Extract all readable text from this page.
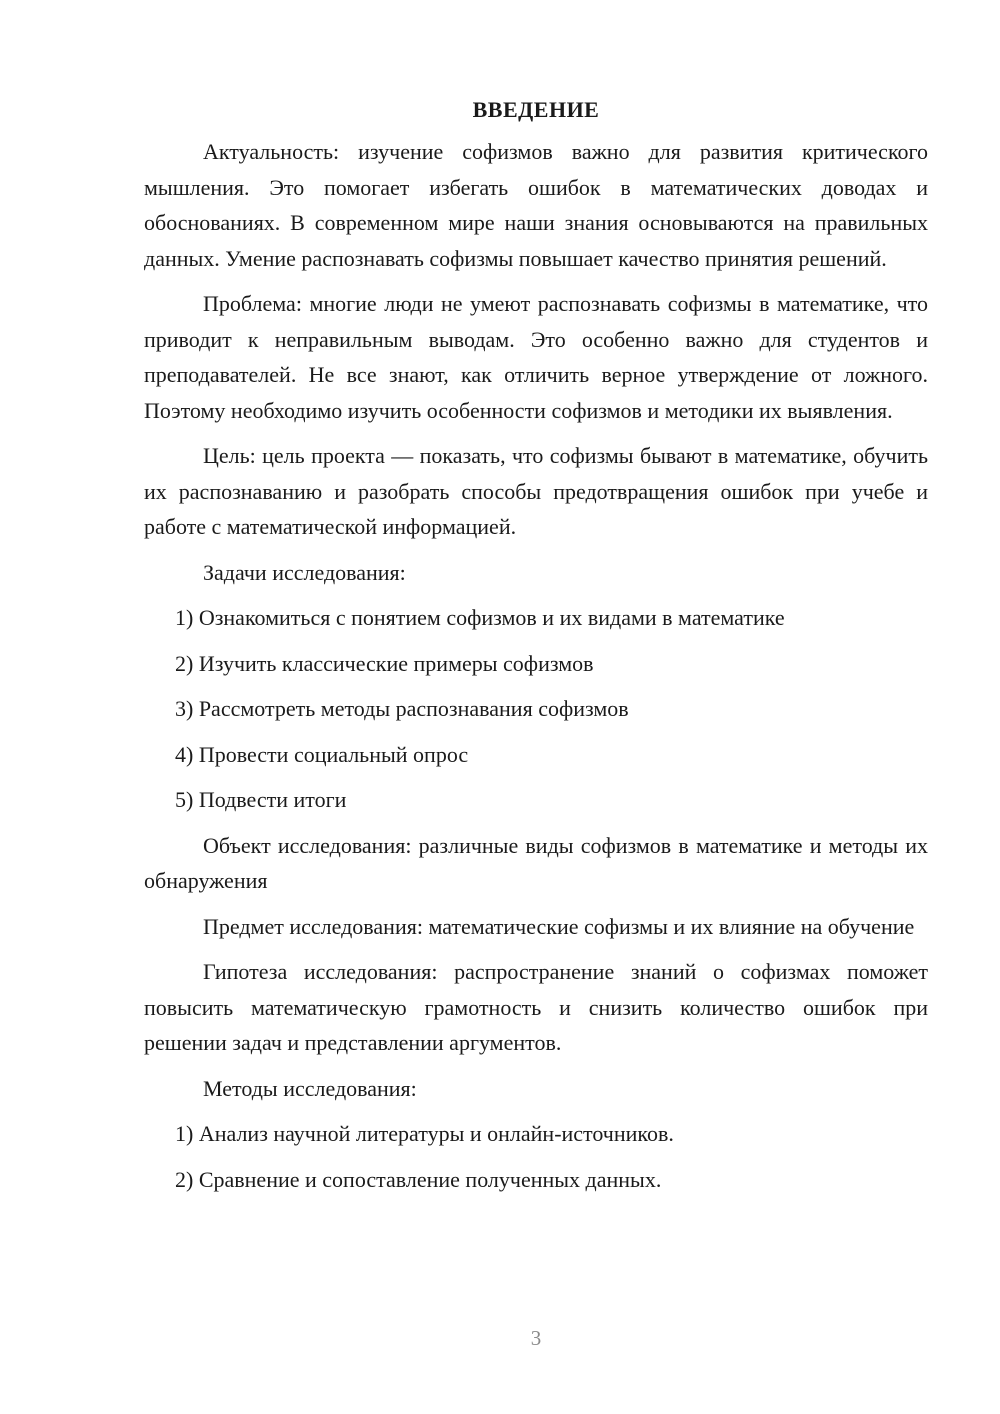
ВВЕДЕНИЕ

Актуальность: изучение софизмов важно для развития критического мышления. Это помогает избегать ошибок в математических доводах и обоснованиях. В современном мире наши знания основываются на правильных данных. Умение распознавать софизмы повышает качество принятия решений.

Проблема: многие люди не умеют распознавать софизмы в математике, что приводит к неправильным выводам. Это особенно важно для студентов и преподавателей. Не все знают, как отличить верное утверждение от ложного. Поэтому необходимо изучить особенности софизмов и методики их выявления.

Цель: цель проекта — показать, что софизмы бывают в математике, обучить их распознаванию и разобрать способы предотвращения ошибок при учебе и работе с математической информацией.

Задачи исследования:
1) Ознакомиться с понятием софизмов и их видами в математике
2) Изучить классические примеры софизмов
3) Рассмотреть методы распознавания софизмов
4) Провести социальный опрос
5) Подвести итоги

Объект исследования: различные виды софизмов в математике и методы их обнаружения

Предмет исследования: математические софизмы и их влияние на обучение

Гипотеза исследования: распространение знаний о софизмах поможет повысить математическую грамотность и снизить количество ошибок при решении задач и представлении аргументов.

Методы исследования:
1) Анализ научной литературы и онлайн-источников.
2) Сравнение и сопоставление полученных данных.
3
